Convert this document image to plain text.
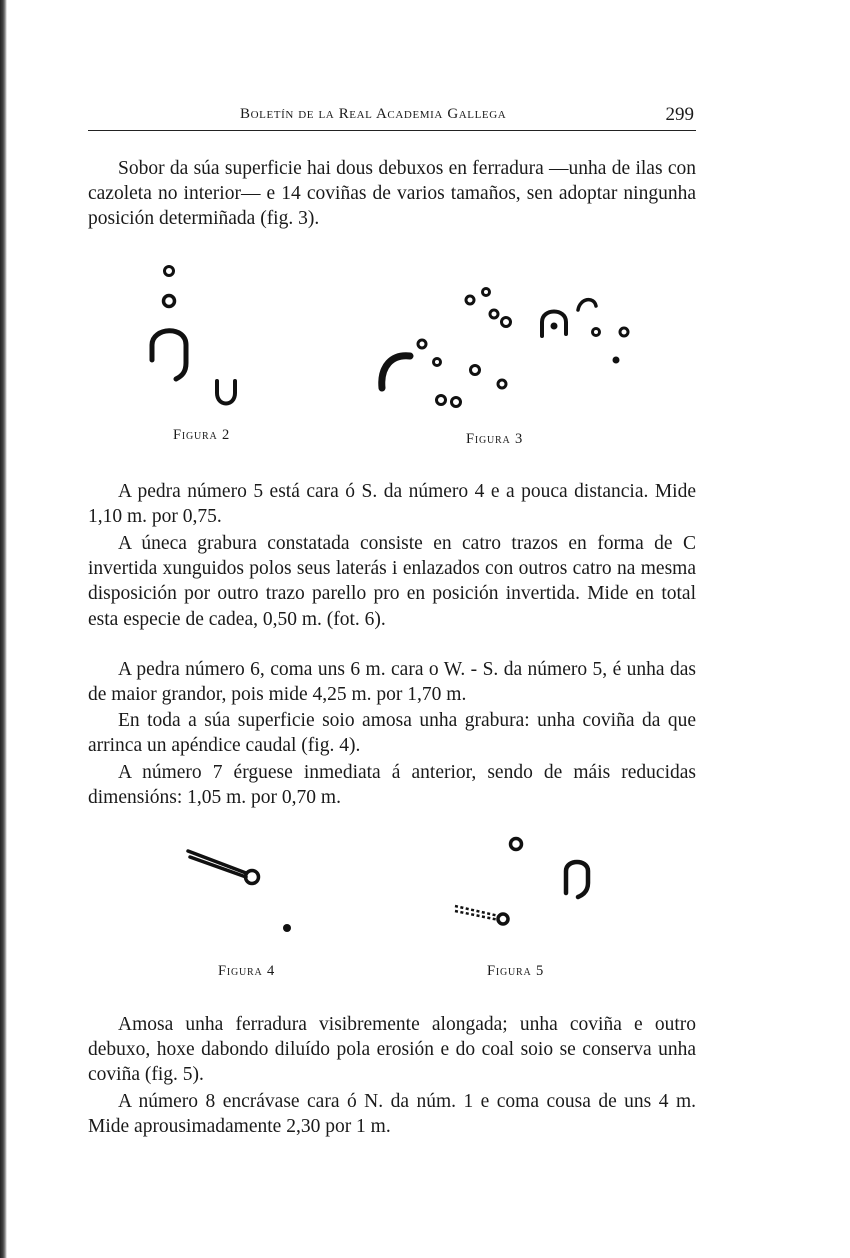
Boletín de la Real Academia Gallega	299

Sobor da súa superficie hai dous debuxos en ferradura —unha de ilas con cazoleta no interior— e 14 coviñas de varios tamaños, sen adoptar ningunha posición determiñada (fig. 3).

Figura 2	Figura 3

A pedra número 5 está cara ó S. da número 4 e a pouca distancia. Mide 1,10 m. por 0,75.

A úneca grabura constatada consiste en catro trazos en forma de C invertida xunguidos polos seus laterás i enlazados con outros catro na mesma disposición por outro trazo parello pro en posición invertida. Mide en total esta especie de cadea, 0,50 m. (fot. 6).

A pedra número 6, coma uns 6 m. cara o W. - S. da número 5, é unha das de maior grandor, pois mide 4,25 m. por 1,70 m.

En toda a súa superficie soio amosa unha grabura: unha coviña da que arrinca un apéndice caudal (fig. 4).

A número 7 érguese inmediata á anterior, sendo de máis reducidas dimensións: 1,05 m. por 0,70 m.

Figura 4	Figura 5

Amosa unha ferradura visibremente alongada; unha coviña e outro debuxo, hoxe dabondo diluído pola erosión e do coal soio se conserva unha coviña (fig. 5).

A número 8 encrávase cara ó N. da núm. 1 e coma cousa de uns 4 m. Mide aprousimadamente 2,30 por 1 m.
